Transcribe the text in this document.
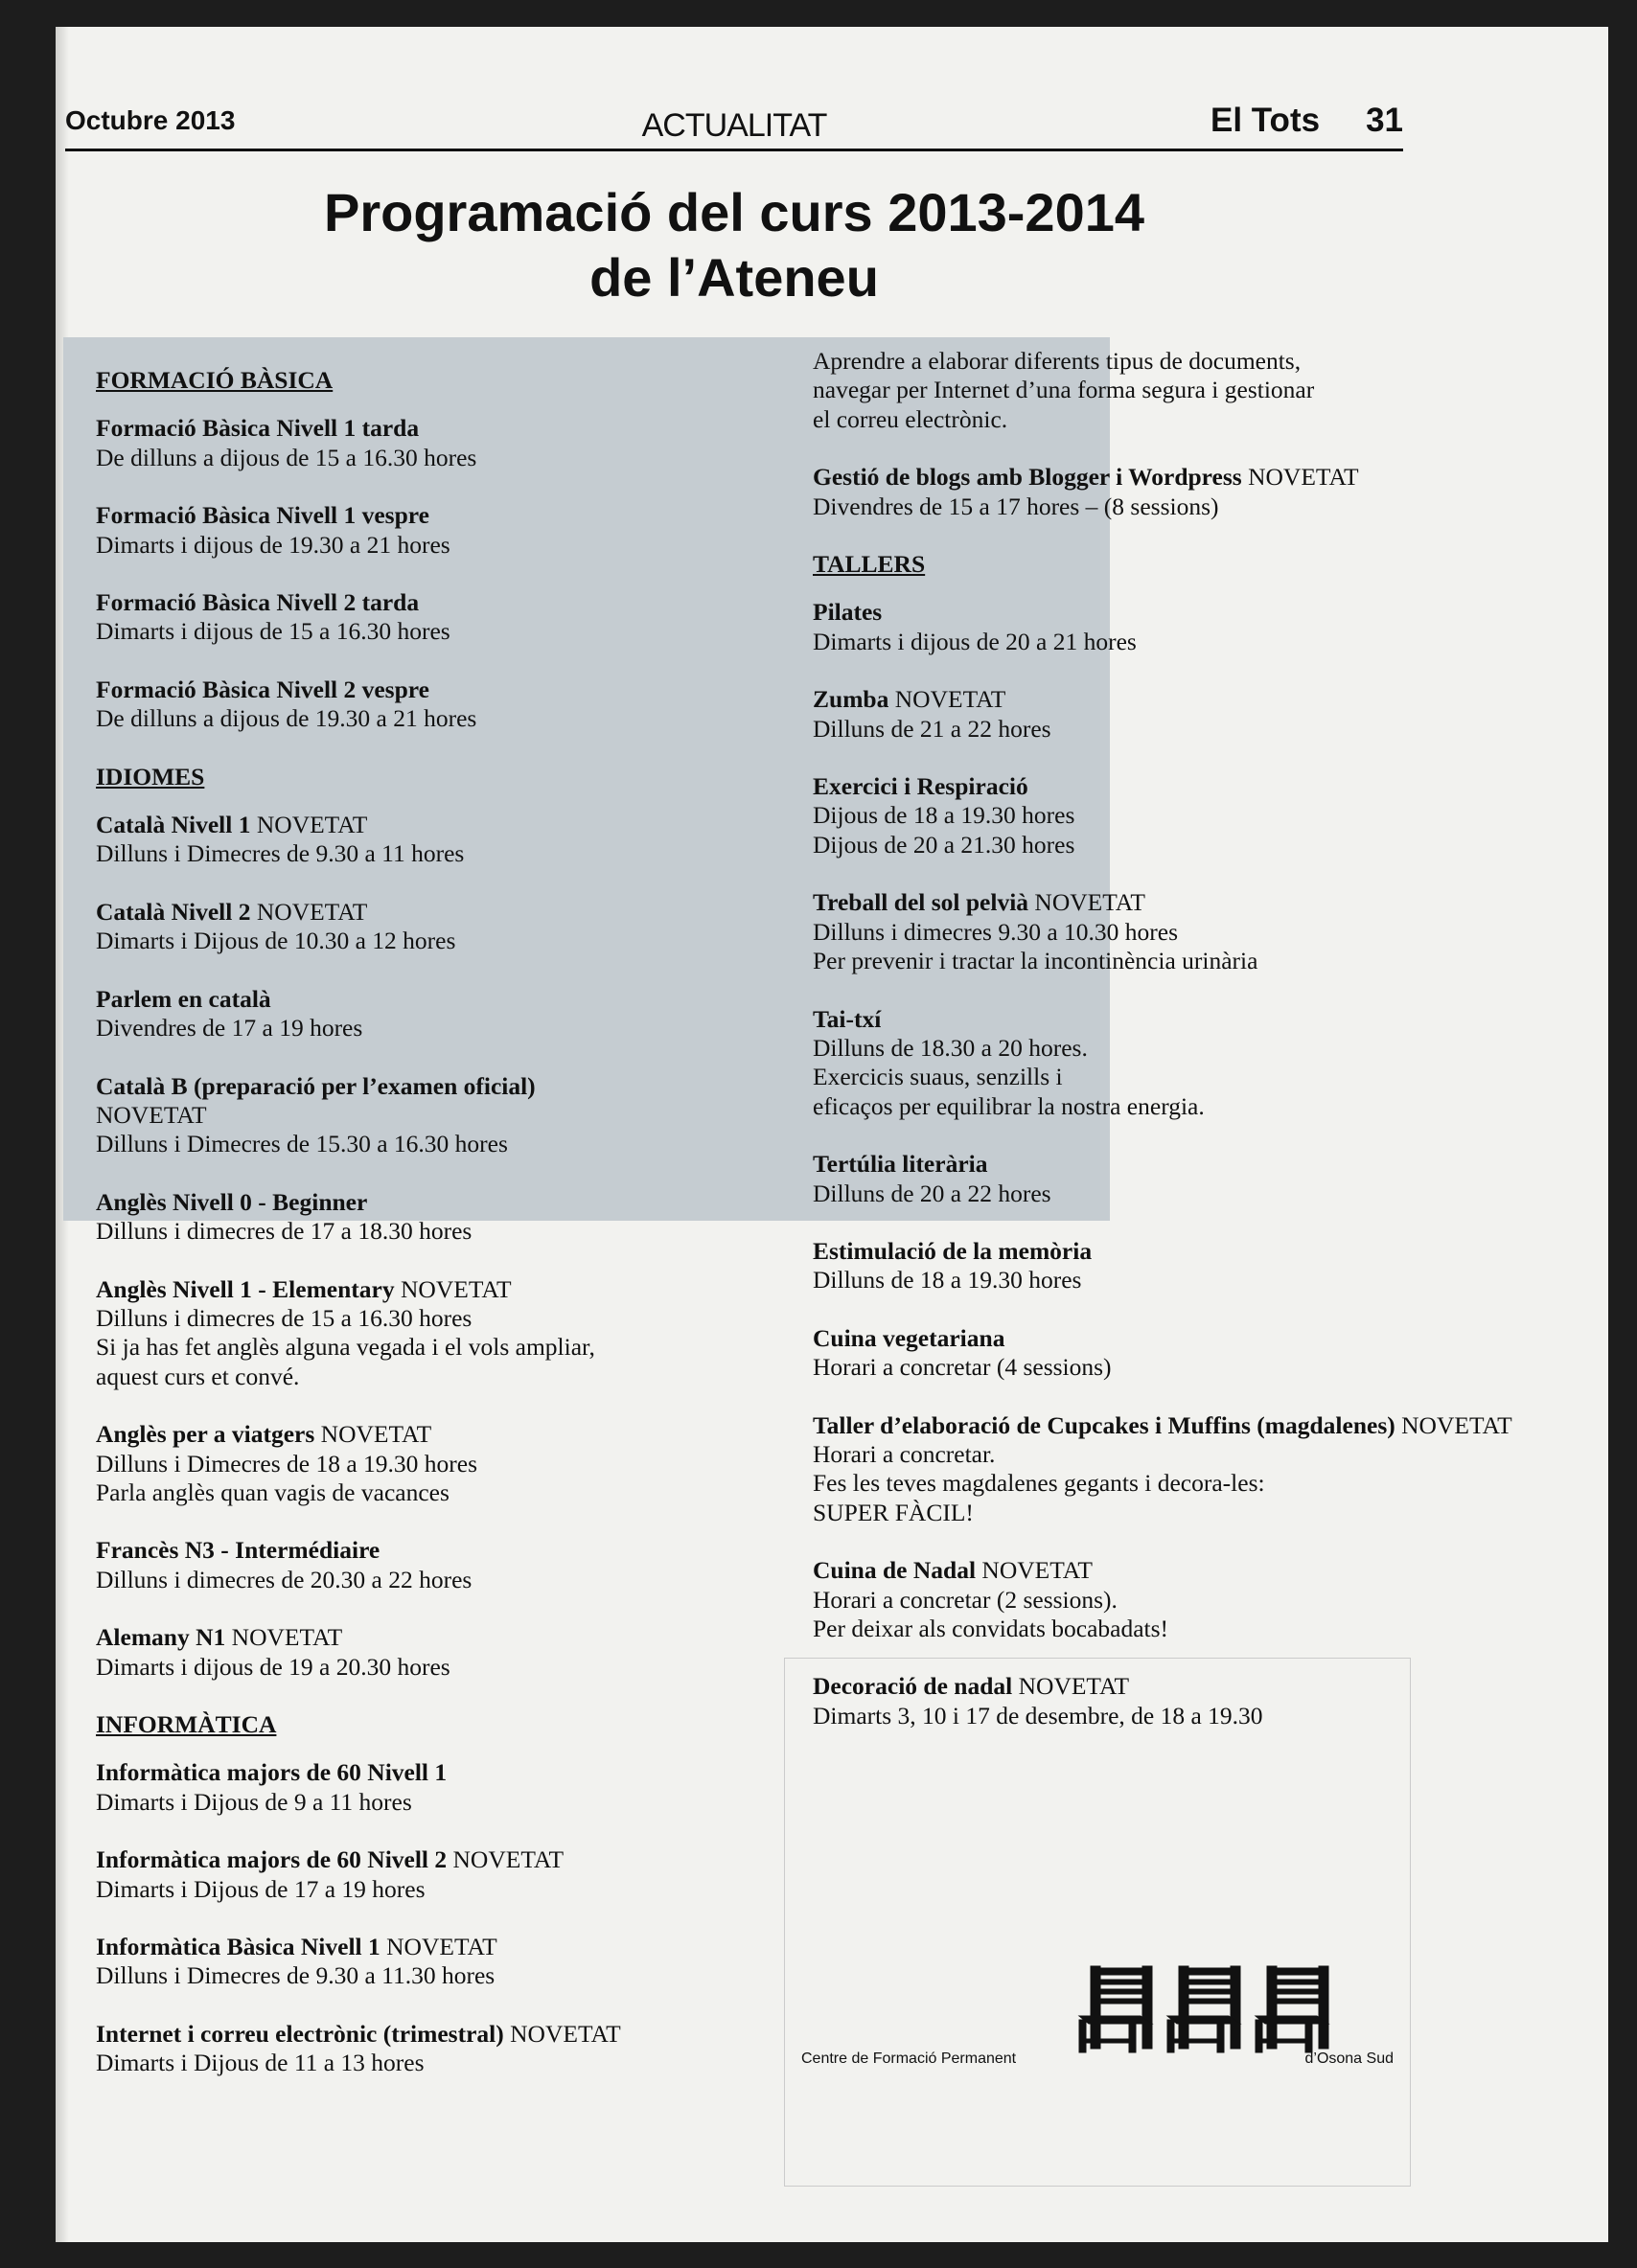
Octubre 2013	ACTUALITAT	El Tots 31
Programació del curs 2013-2014
de l’Ateneu
FORMACIÓ BÀSICA
Formació Bàsica Nivell 1 tarda
De dilluns a dijous de 15 a 16.30 hores
Formació Bàsica Nivell 1 vespre
Dimarts i dijous de 19.30 a 21 hores
Formació Bàsica Nivell 2 tarda
Dimarts i dijous de 15 a 16.30 hores
Formació Bàsica Nivell 2 vespre
De dilluns a dijous de 19.30 a 21 hores
IDIOMES
Català Nivell 1 NOVETAT
Dilluns i Dimecres de 9.30 a 11 hores
Català Nivell 2 NOVETAT
Dimarts i Dijous de 10.30 a 12 hores
Parlem en català
Divendres de 17 a 19 hores
Català B (preparació per l’examen oficial)
NOVETAT
Dilluns i Dimecres de 15.30 a 16.30 hores
Anglès Nivell 0 - Beginner
Dilluns i dimecres de 17 a 18.30 hores
Anglès Nivell 1 - Elementary NOVETAT
Dilluns i dimecres de 15 a 16.30 hores
Si ja has fet anglès alguna vegada i el vols ampliar,
aquest curs et convé.
Anglès per a viatgers NOVETAT
Dilluns i Dimecres de 18 a 19.30 hores
Parla anglès quan vagis de vacances
Francès N3 - Intermédiaire
Dilluns i dimecres de 20.30 a 22 hores
Alemany N1 NOVETAT
Dimarts i dijous de 19 a 20.30 hores
INFORMÀTICA
Informàtica majors de 60 Nivell 1
Dimarts i Dijous de 9 a 11 hores
Informàtica majors de 60 Nivell 2 NOVETAT
Dimarts i Dijous de 17 a 19 hores
Informàtica Bàsica Nivell 1 NOVETAT
Dilluns i Dimecres de 9.30 a 11.30 hores
Internet i correu electrònic (trimestral) NOVETAT
Dimarts i Dijous de 11 a 13 hores
Aprendre a elaborar diferents tipus de documents,
navegar per Internet d’una forma segura i gestionar
el correu electrònic.
Gestió de blogs amb Blogger i Wordpress NOVETAT
Divendres de 15 a 17 hores – (8 sessions)
TALLERS
Pilates
Dimarts i dijous de 20 a 21 hores
Zumba NOVETAT
Dilluns de 21 a 22 hores
Exercici i Respiració
Dijous de 18 a 19.30 hores
Dijous de 20 a 21.30 hores
Treball del sol pelvià NOVETAT
Dilluns i dimecres 9.30 a 10.30 hores
Per prevenir i tractar la incontinència urinària
Tai-txí
Dilluns de 18.30 a 20 hores.
Exercicis suaus, senzills i
eficaços per equilibrar la nostra energia.
Tertúlia literària
Dilluns de 20 a 22 hores
Estimulació de la memòria
Dilluns de 18 a 19.30 hores
Cuina vegetariana
Horari a concretar (4 sessions)
Taller d’elaboració de Cupcakes i Muffins (magdalenes) NOVETAT
Horari a concretar.
Fes les teves magdalenes gegants i decora-les:
SUPER FÀCIL!
Cuina de Nadal NOVETAT
Horari a concretar (2 sessions).
Per deixar als convidats bocabadats!
Decoració de nadal NOVETAT
Dimarts 3, 10 i 17 de desembre, de 18 a 19.30
Centre de Formació Permanent	d’Osona Sud
